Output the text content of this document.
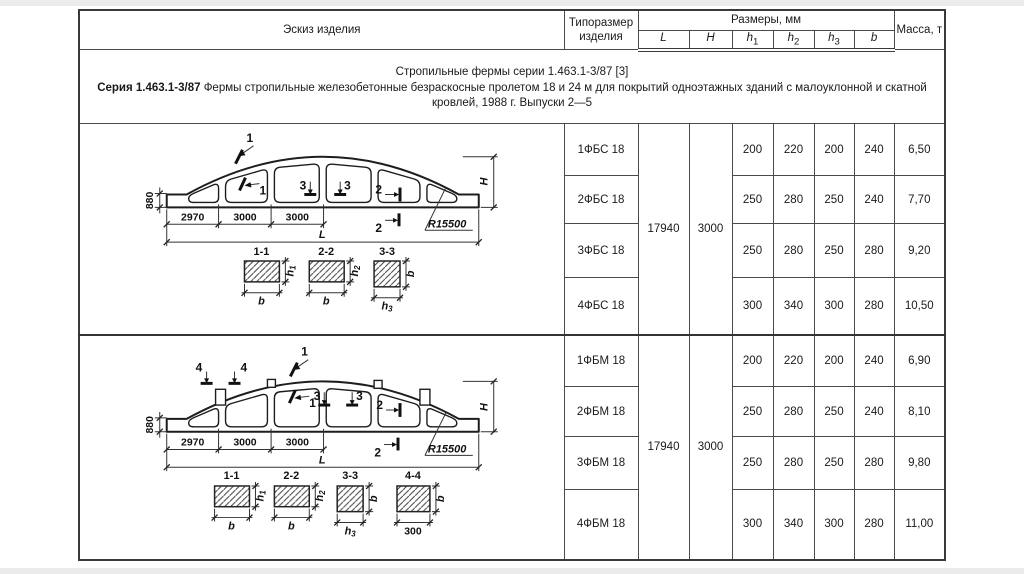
Эскиз изделия	Типоразмер изделия	Размеры, мм						Масса, т
		L	H	$h_1$	$h_2$	$h_3$	b	

Стропильные фермы серии 1.463.1-3/87 [3]
Серия 1.463.1-3/87 Фермы стропильные железобетонные безраскосные пролетом 18 и 24 м для покрытий одноэтажных зданий с малоуклонной и скатной кровлей, 1988 г. Выпуски 2—5								

880
2970	3000	3000
L
H
R15500
1
1	3	3 2
2
1-1
h1
b
2-2
h2
b
3-3
b
h3
	1ФБС 18	17940	3000	200	220	200	240	6,50
	2ФБС 18			250	280	250	240	7,70
	3ФБС 18			250	280	250	280	9,20
	4ФБС 18			300	340	300	280	10,50

880
2970	3000	3000
L
H
R15500
4	4
1
1
3	3
2
2
1-1
h1
b
2-2
h2
b
3-3
b
h3
4-4
b
300
	1ФБМ 18	17940	3000	200	220	200	240	6,90
	2ФБМ 18			250	280	250	240	8,10
	3ФБМ 18			250	280	250	280	9,80
	4ФБМ 18			300	340	300	280	11,00
